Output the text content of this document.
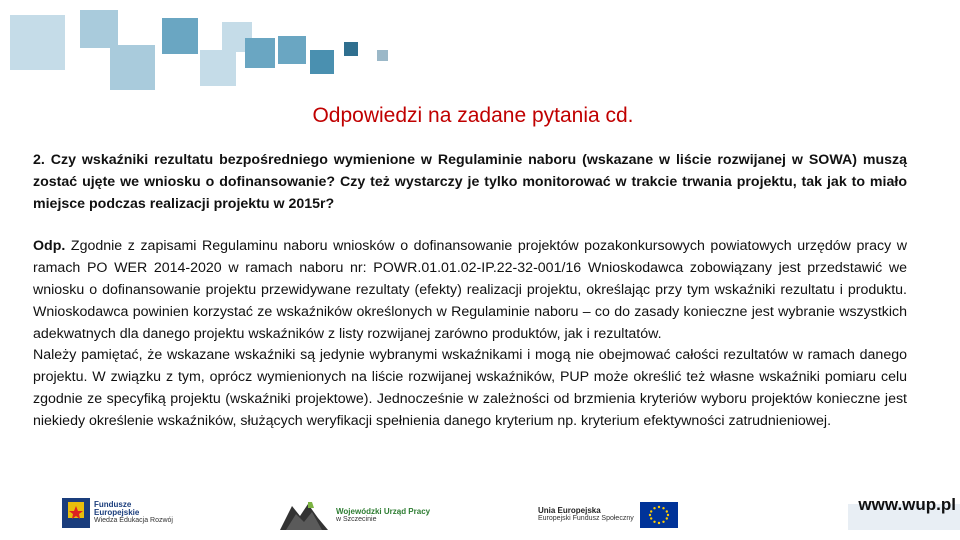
Odpowiedzi na zadane pytania cd.

2. Czy wskaźniki rezultatu bezpośredniego wymienione w Regulaminie naboru (wskazane w liście rozwijanej w SOWA) muszą zostać ujęte we wniosku o dofinansowanie? Czy też wystarczy je tylko monitorować w trakcie trwania projektu, tak jak to miało miejsce podczas realizacji projektu w 2015r?

Odp. Zgodnie z zapisami Regulaminu naboru wniosków o dofinansowanie projektów pozakonkursowych powiatowych urzędów pracy w ramach PO WER 2014-2020 w ramach naboru nr: POWR.01.01.02-IP.22-32-001/16 Wnioskodawca zobowiązany jest przedstawić we wniosku o dofinansowanie projektu przewidywane rezultaty (efekty) realizacji projektu, określając przy tym wskaźniki rezultatu i produktu. Wnioskodawca powinien korzystać ze wskaźników określonych w Regulaminie naboru – co do zasady konieczne jest wybranie wszystkich adekwatnych dla danego projektu wskaźników z listy rozwijanej zarówno produktów, jak i rezultatów.

Należy pamiętać, że wskazane wskaźniki są jedynie wybranymi wskaźnikami i mogą nie obejmować całości rezultatów w ramach danego projektu. W związku z tym, oprócz wymienionych na liście rozwijanej wskaźników, PUP może określić też własne wskaźniki pomiaru celu zgodnie ze specyfiką projektu (wskaźniki projektowe). Jednocześnie w zależności od brzmienia kryteriów wyboru projektów konieczne jest niekiedy określenie wskaźników, służących weryfikacji spełnienia danego kryterium np. kryterium efektywności zatrudnieniowej.

Fundusze
Europejskie
Wiedza Edukacja Rozwój
Wojewódzki Urząd Pracy
w Szczecinie
Unia Europejska
Europejski Fundusz Społeczny
www.wup.pl
